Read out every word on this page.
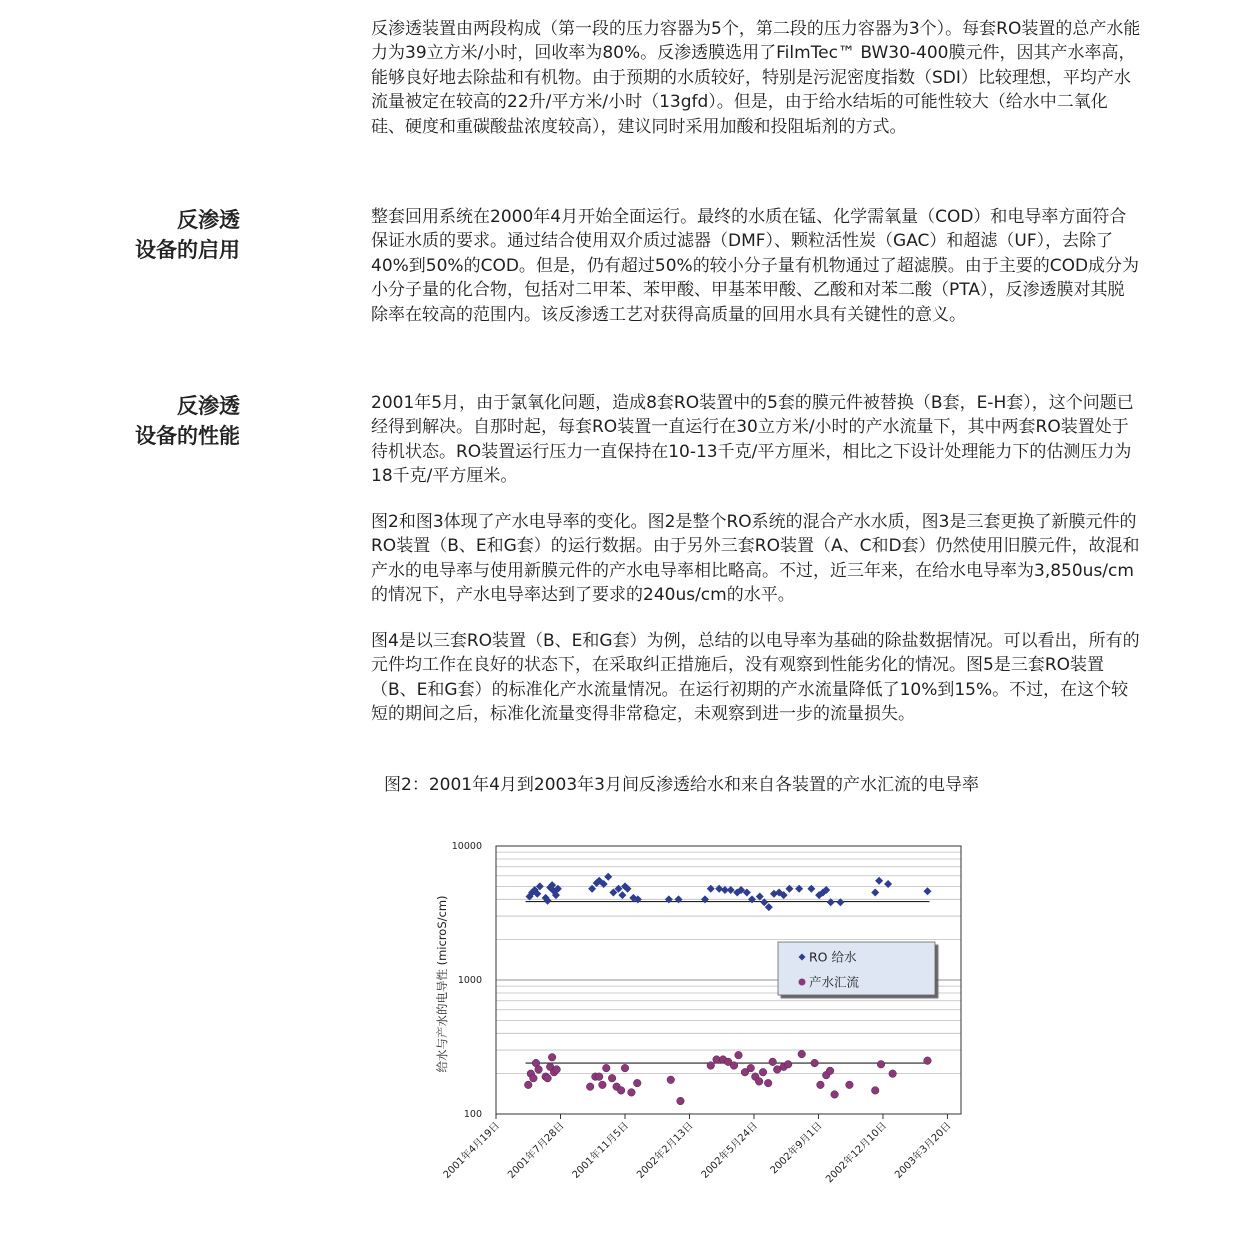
反渗透装置由两段构成（第一段的压力容器为5个，第二段的压力容器为3个）。每套RO装置的总产水能力为39立方米/小时，回收率为80%。反渗透膜选用了FilmTec™ BW30-400膜元件，因其产水率高，能够良好地去除盐和有机物。由于预期的水质较好，特别是污泥密度指数（SDI）比较理想，平均产水流量被定在较高的22升/平方米/小时（13gfd）。但是，由于给水结垢的可能性较大（给水中二氧化硅、硬度和重碳酸盐浓度较高），建议同时采用加酸和投阻垢剂的方式。

反渗透
设备的启用

整套回用系统在2000年4月开始全面运行。最终的水质在锰、化学需氧量（COD）和电导率方面符合保证水质的要求。通过结合使用双介质过滤器（DMF）、颗粒活性炭（GAC）和超滤（UF），去除了40%到50%的COD。但是，仍有超过50%的较小分子量有机物通过了超滤膜。由于主要的COD成分为小分子量的化合物，包括对二甲苯、苯甲酸、甲基苯甲酸、乙酸和对苯二酸（PTA），反渗透膜对其脱除率在较高的范围内。该反渗透工艺对获得高质量的回用水具有关键性的意义。

反渗透
设备的性能

2001年5月，由于氯氧化问题，造成8套RO装置中的5套的膜元件被替换（B套，E-H套），这个问题已经得到解决。自那时起，每套RO装置一直运行在30立方米/小时的产水流量下，其中两套RO装置处于待机状态。RO装置运行压力一直保持在10-13千克/平方厘米，相比之下设计处理能力下的估测压力为18千克/平方厘米。

图2和图3体现了产水电导率的变化。图2是整个RO系统的混合产水水质，图3是三套更换了新膜元件的RO装置（B、E和G套）的运行数据。由于另外三套RO装置（A、C和D套）仍然使用旧膜元件，故混和产水的电导率与使用新膜元件的产水电导率相比略高。不过，近三年来，在给水电导率为3,850us/cm的情况下，产水电导率达到了要求的240us/cm的水平。

图4是以三套RO装置（B、E和G套）为例，总结的以电导率为基础的除盐数据情况。可以看出，所有的元件均工作在良好的状态下，在采取纠正措施后，没有观察到性能劣化的情况。图5是三套RO装置（B、E和G套）的标准化产水流量情况。在运行初期的产水流量降低了10%到15%。不过，在这个较短的期间之后，标准化流量变得非常稳定，未观察到进一步的流量损失。

图2：2001年4月到2003年3月间反渗透给水和来自各装置的产水汇流的电导率
100
1000
10000
2001年4月19日 2001年7月28日 2001年11月5日 2002年2月13日 2002年5月24日 2002年9月1日 2002年12月10日 2003年3月20日
给水与产水的电导性 (microS/cm)	RO 给水
产水汇流
